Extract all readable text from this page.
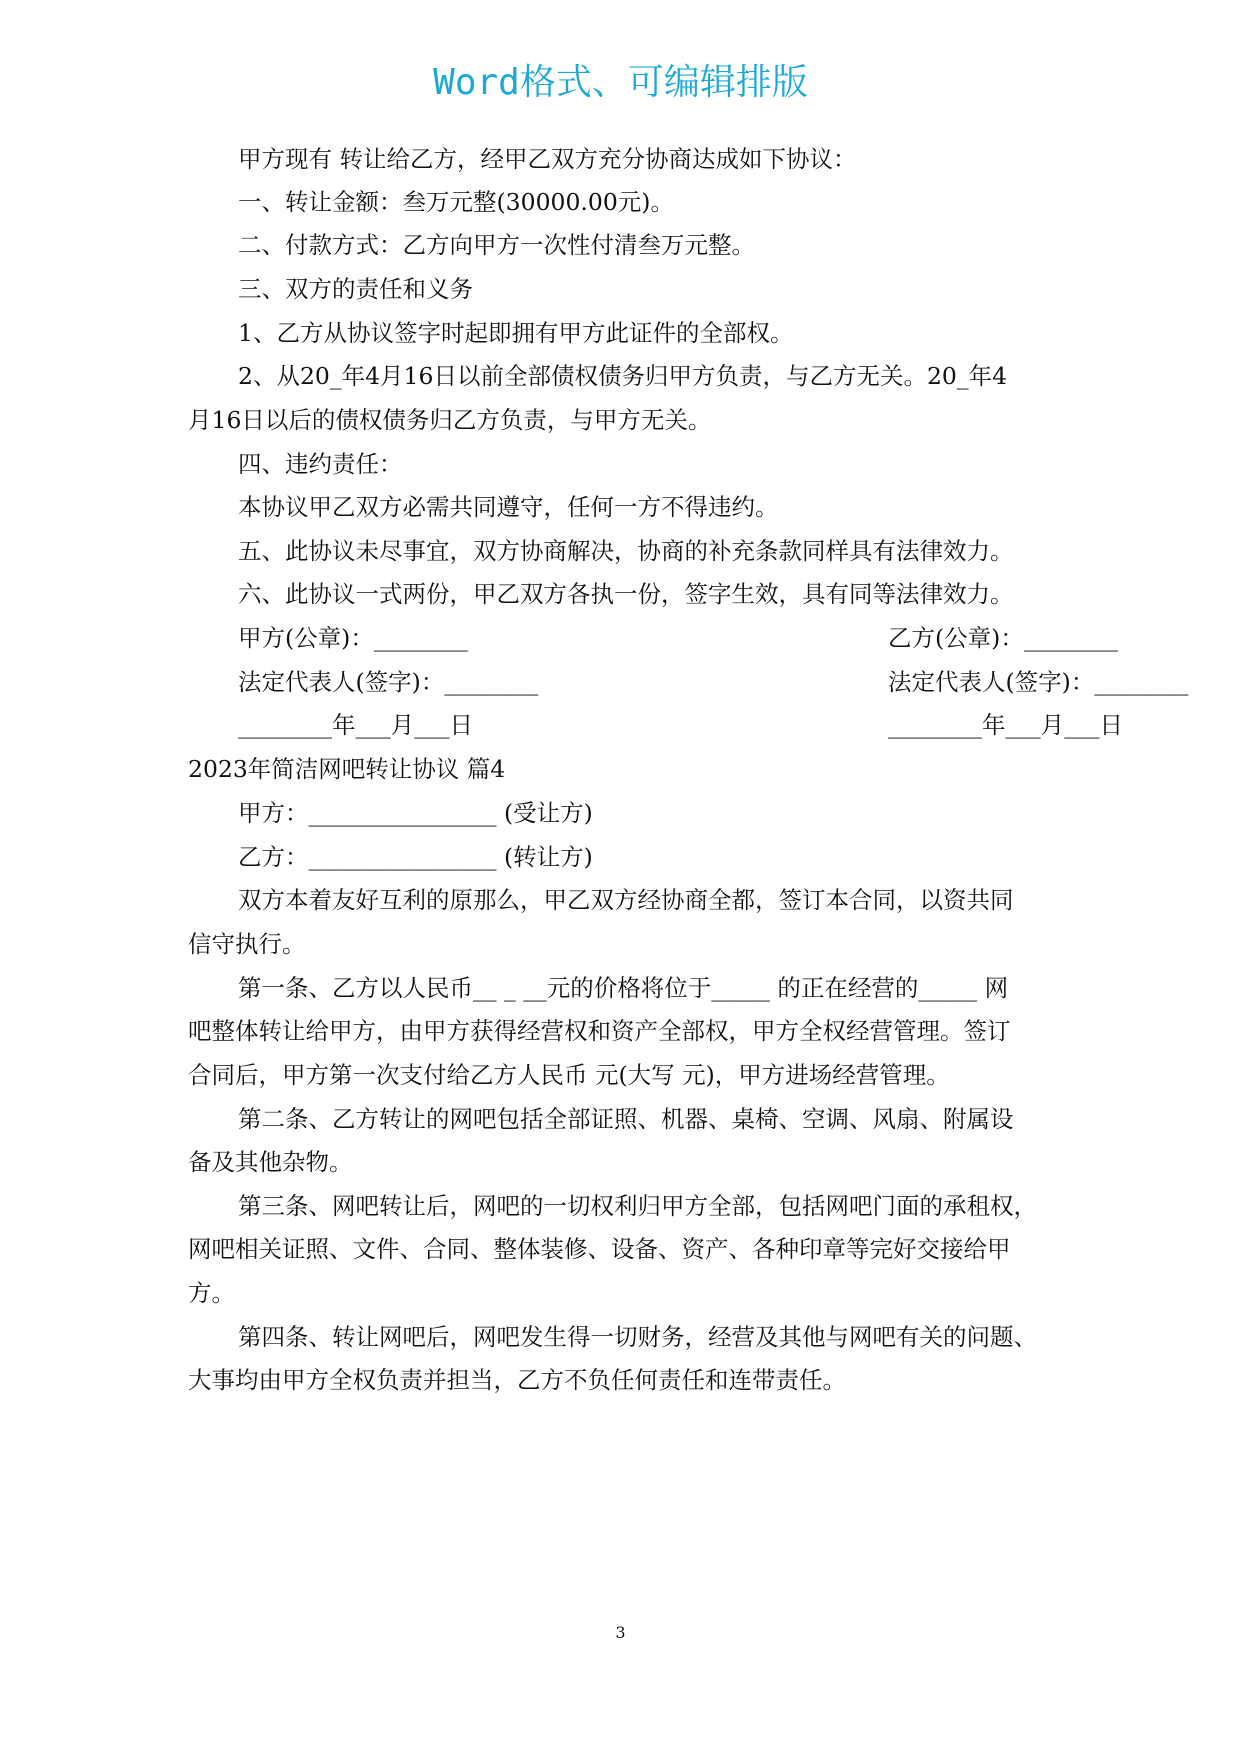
Word格式、可编辑排版
甲方现有 转让给乙方，经甲乙双方充分协商达成如下协议：
一、转让金额：叁万元整(30000.00元)。
二、付款方式：乙方向甲方一次性付清叁万元整。
三、双方的责任和义务
1、乙方从协议签字时起即拥有甲方此证件的全部权。
2、从20_年4月16日以前全部债权债务归甲方负责，与乙方无关。20_年4
月16日以后的债权债务归乙方负责，与甲方无关。
四、违约责任：
本协议甲乙双方必需共同遵守，任何一方不得违约。
五、此协议未尽事宜，双方协商解决，协商的补充条款同样具有法律效力。
六、此协议一式两份，甲乙双方各执一份，签字生效，具有同等法律效力。
甲方(公章)：________	乙方(公章)：________
法定代表人(签字)：________	法定代表人(签字)：________
________年___月___日	________年___月___日
2023年简洁网吧转让协议 篇4
甲方：________________ (受让方)
乙方：________________ (转让方)
双方本着友好互利的原那么，甲乙双方经协商全都，签订本合同，以资共同
信守执行。
第一条、乙方以人民币__ _ __元的价格将位于_____ 的正在经营的_____ 网
吧整体转让给甲方，由甲方获得经营权和资产全部权，甲方全权经营管理。签订
合同后，甲方第一次支付给乙方人民币 元(大写 元)，甲方进场经营管理。
第二条、乙方转让的网吧包括全部证照、机器、桌椅、空调、风扇、附属设
备及其他杂物。
第三条、网吧转让后，网吧的一切权利归甲方全部，包括网吧门面的承租权，
网吧相关证照、文件、合同、整体装修、设备、资产、各种印章等完好交接给甲
方。
第四条、转让网吧后，网吧发生得一切财务，经营及其他与网吧有关的问题、
大事均由甲方全权负责并担当，乙方不负任何责任和连带责任。
3
